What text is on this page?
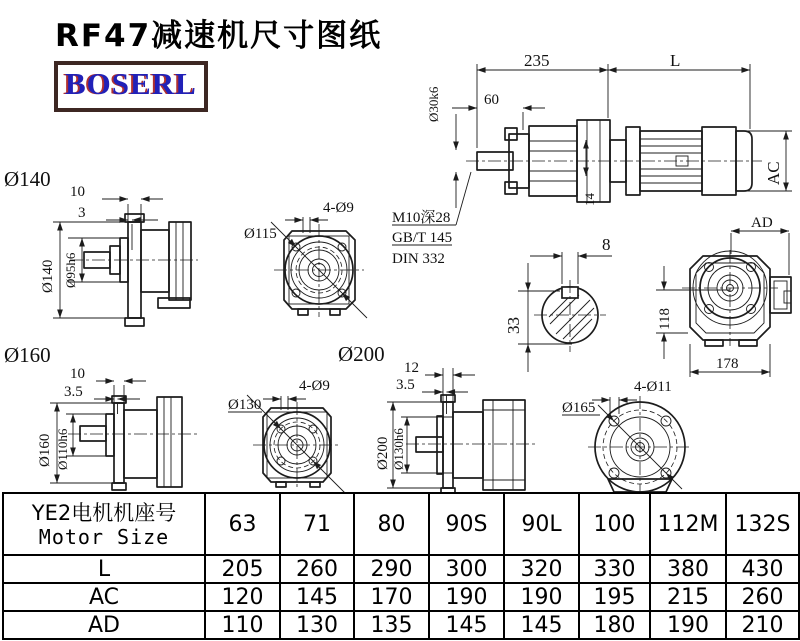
RF47减速机尺寸图纸
BOSERL
Ø140
10
3
Ø140 Ø95h6
4-Ø9
Ø115
235	L
60
Ø30k6
14
AC
M10深28
GB/T 145
DIN 332
8
33
AD
118
178
Ø160
10
3.5
Ø160 Ø110h6
4-Ø9
Ø130
Ø200
12
3.5
Ø200 Ø130h6
4-Ø11
Ø165
YE2电机机座号
Motor Size	63	71	80	90S	90L	100	112M	132S
L	205	260	290	300	320	330	380	430
AC	120	145	170	190	190	195	215	260
AD	110	130	135	145	145	180	190	210
